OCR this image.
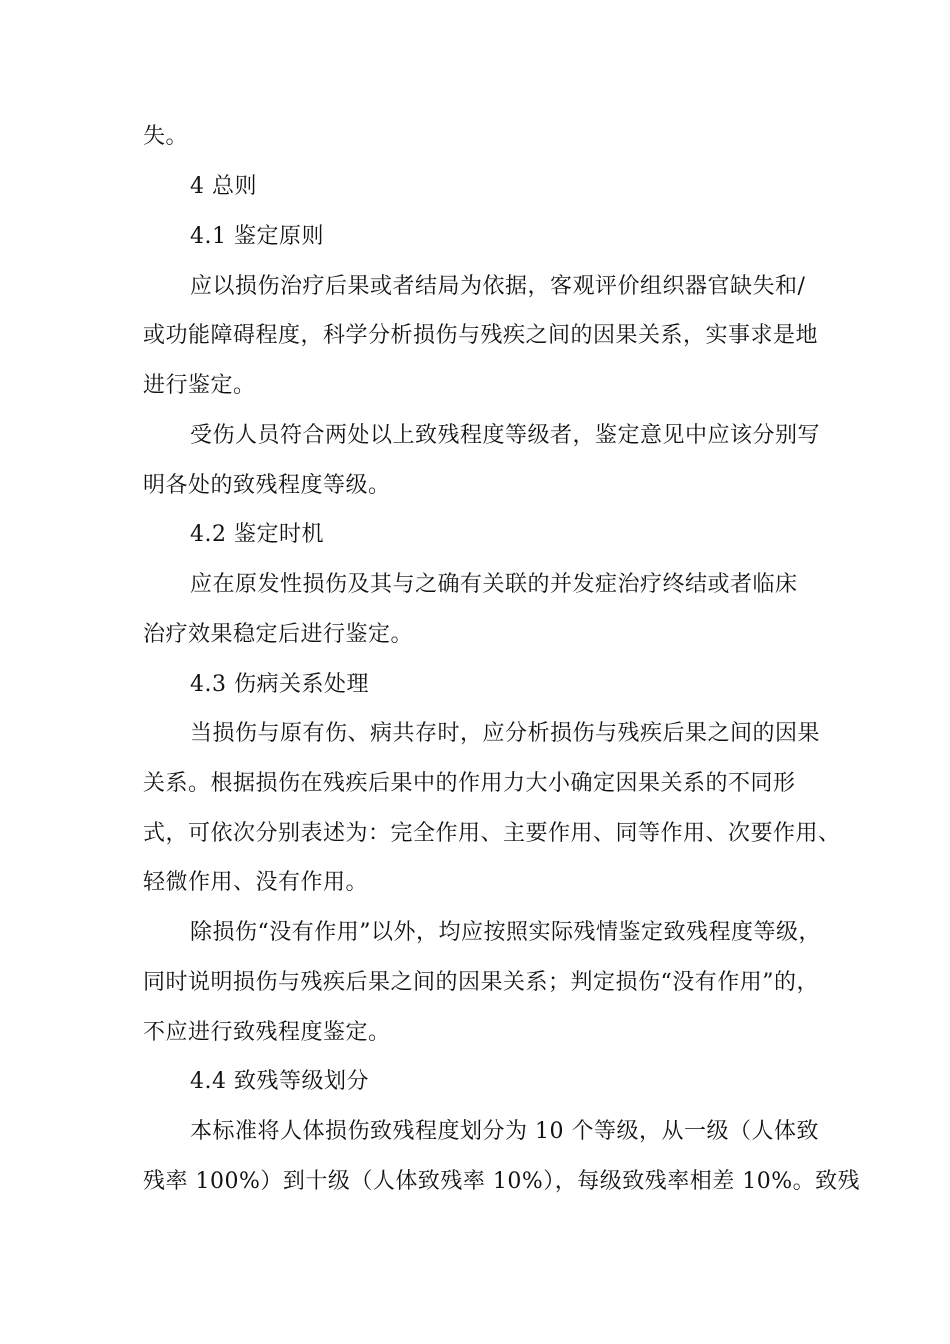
失。
4 总则
4.1 鉴定原则
应以损伤治疗后果或者结局为依据，客观评价组织器官缺失和/
或功能障碍程度，科学分析损伤与残疾之间的因果关系，实事求是地
进行鉴定。
受伤人员符合两处以上致残程度等级者，鉴定意见中应该分别写
明各处的致残程度等级。
4.2 鉴定时机
应在原发性损伤及其与之确有关联的并发症治疗终结或者临床
治疗效果稳定后进行鉴定。
4.3 伤病关系处理
当损伤与原有伤、病共存时，应分析损伤与残疾后果之间的因果
关系。根据损伤在残疾后果中的作用力大小确定因果关系的不同形
式，可依次分别表述为：完全作用、主要作用、同等作用、次要作用、
轻微作用、没有作用。
除损伤“没有作用”以外，均应按照实际残情鉴定致残程度等级，
同时说明损伤与残疾后果之间的因果关系；判定损伤“没有作用”的，
不应进行致残程度鉴定。
4.4 致残等级划分
本标准将人体损伤致残程度划分为 10 个等级，从一级（人体致
残率 100%）到十级（人体致残率 10%），每级致残率相差 10%。致残
